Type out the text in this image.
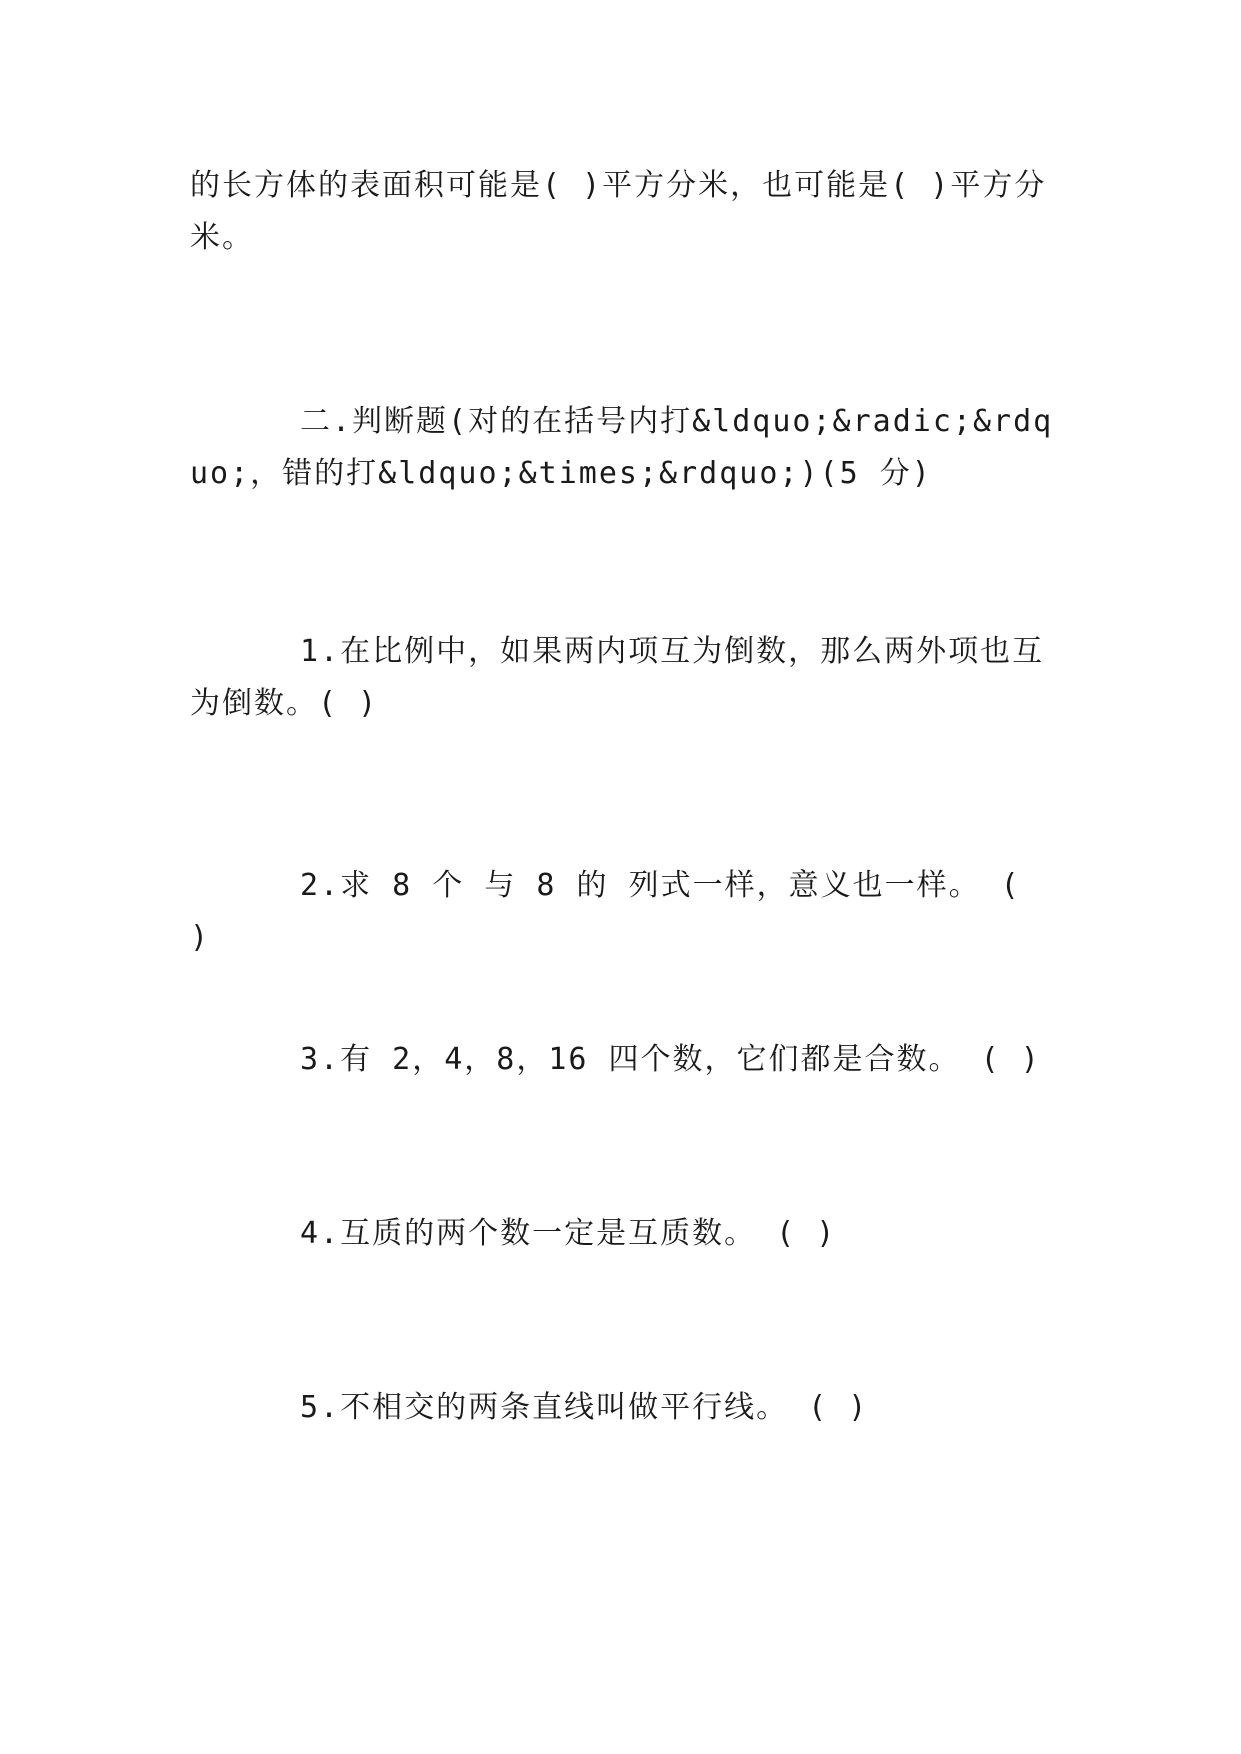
的长方体的表面积可能是( )平方分米，也可能是( )平方分米。
二.判断题(对的在括号内打&ldquo;&radic;&rdquo;，错的打&ldquo;&times;&rdquo;)(5 分)
1.在比例中，如果两内项互为倒数，那么两外项也互为倒数。( )
2.求 8 个 与 8 的 列式一样，意义也一样。 ( )
3.有 2，4，8，16 四个数，它们都是合数。 ( )
4.互质的两个数一定是互质数。 ( )
5.不相交的两条直线叫做平行线。 ( )
